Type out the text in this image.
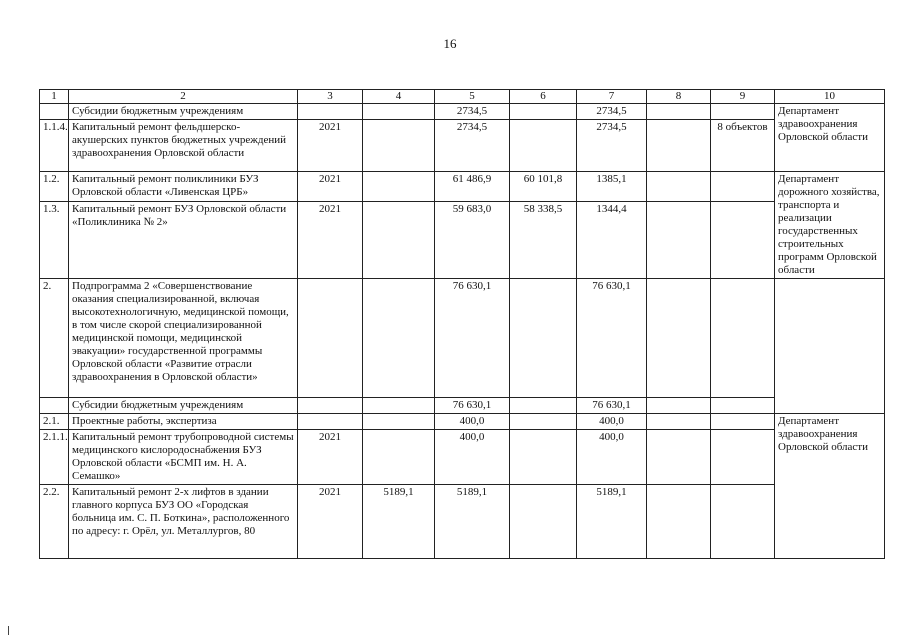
16
1	2	3	4	5	6	7	8	9	10
	Субсидии бюджетным учреждениям			2734,5		2734,5			Департамент здравоохранения Орловской области
1.1.4.	Капитальный ремонт фельдшерско-акушерских пунктов бюджетных учреждений здравоохранения Орловской области	2021		2734,5		2734,5		8 объектов	
1.2.	Капитальный ремонт поликлиники БУЗ Орловской области «Ливенская ЦРБ»	2021		61 486,9	60 101,8	1385,1			Департамент дорожного хозяйства, транспорта и реализации государственных строительных программ Орловской области
1.3.	Капитальный ремонт БУЗ Орловской области «Поликлиника № 2»	2021		59 683,0	58 338,5	1344,4			
2.	Подпрограмма 2 «Совершенствование оказания специализированной, включая высокотехнологичную, медицинской помощи, в том числе скорой специализированной медицинской помощи, медицинской эвакуации» государственной программы Орловской области «Развитие отрасли здравоохранения в Орловской области»			76 630,1		76 630,1			
	Субсидии бюджетным учреждениям			76 630,1		76 630,1			
2.1.	Проектные работы, экспертиза			400,0		400,0			Департамент здравоохранения Орловской области
2.1.1.	Капитальный ремонт трубопроводной системы медицинского кислородоснабжения БУЗ Орловской области «БСМП им. Н. А. Семашко»	2021		400,0		400,0			
2.2.	Капитальный ремонт 2-х лифтов в здании главного корпуса БУЗ ОО «Городская больница им. С. П. Боткина», расположенного по адресу: г. Орёл, ул. Металлургов, 80	2021	5189,1	5189,1		5189,1			
